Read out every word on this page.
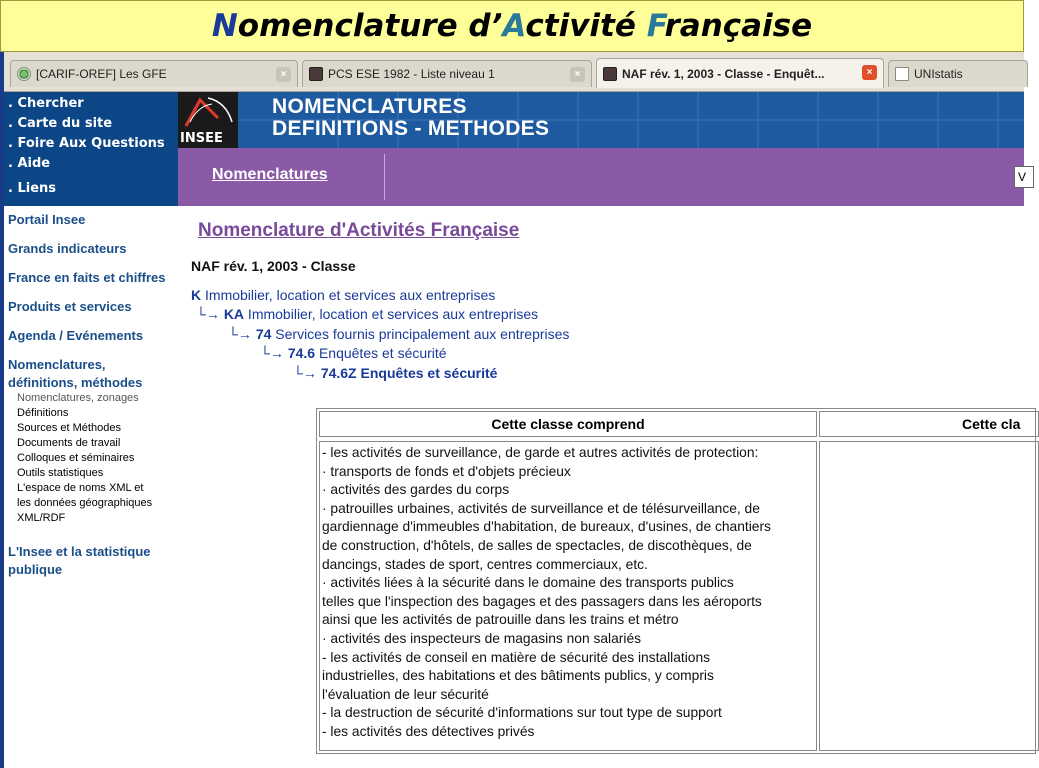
Nomenclature d’Activité Française
[CARIF-OREF] Les GFE	×	PCS ESE 1982 - Liste niveau 1	×	NAF rév. 1, 2003 - Classe - Enquêt...	×	UNIstatis
. Chercher
. Carte du site
. Foire Aux Questions
. Aide
. Liens
INSEE
NOMENCLATURES
DEFINITIONS - METHODES
Nomenclatures	V
Portail Insee
Grands indicateurs
France en faits et chiffres
Produits et services
Agenda / Evénements
Nomenclatures,
définitions, méthodes
Nomenclatures, zonages
Définitions
Sources et Méthodes
Documents de travail
Colloques et séminaires
Outils statistiques
L'espace de noms XML et
les données géographiques
XML/RDF
L'Insee et la statistique
publique
Nomenclature d'Activités Française
NAF rév. 1, 2003 - Classe
K Immobilier, location et services aux entreprises
└→ KA Immobilier, location et services aux entreprises
└→ 74 Services fournis principalement aux entreprises
└→ 74.6 Enquêtes et sécurité
└→ 74.6Z Enquêtes et sécurité
Cette classe comprend	Cette cla
- les activités de surveillance, de garde et autres activités de protection:
· transports de fonds et d'objets précieux
· activités des gardes du corps
· patrouilles urbaines, activités de surveillance et de télésurveillance, de
gardiennage d'immeubles d'habitation, de bureaux, d'usines, de chantiers
de construction, d'hôtels, de salles de spectacles, de discothèques, de
dancings, stades de sport, centres commerciaux, etc.
· activités liées à la sécurité dans le domaine des transports publics
telles que l'inspection des bagages et des passagers dans les aéroports
ainsi que les activités de patrouille dans les trains et métro
· activités des inspecteurs de magasins non salariés
- les activités de conseil en matière de sécurité des installations
industrielles, des habitations et des bâtiments publics, y compris
l'évaluation de leur sécurité
- la destruction de sécurité d'informations sur tout type de support
- les activités des détectives privés
